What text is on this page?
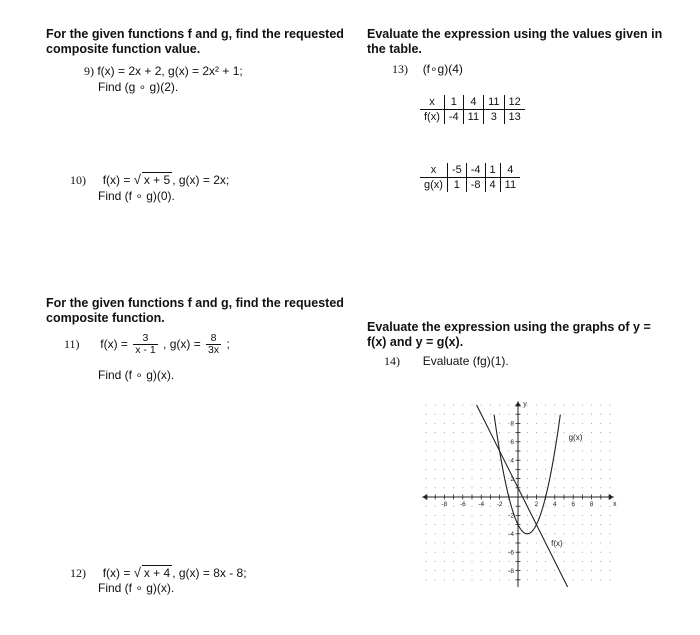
For the given functions f and g, find the requested
composite function value.
9) f(x) = 2x + 2, g(x) = 2x² + 1;
Find (g ∘ g)(2).
10) f(x) = √ x + 5 , g(x) = 2x;
Find (f ∘ g)(0).
For the given functions f and g, find the requested
composite function.
11) $f(x) = \frac{3}{x - 1}$ , $g(x) = \frac{8}{3x}$ ;
Find (f ∘ g)(x).
12) f(x) = √ x + 4 , g(x) = 8x - 8;
Find (f ∘ g)(x).
Evaluate the expression using the values given in
the table.
13) (f∘g)(4)
x	1	4	11	12
f(x)	-4	11	3	13
x	-5	-4	1	4
g(x)	1	-8	4	11
Evaluate the expression using the graphs of y =
f(x) and y = g(x).
14) Evaluate (fg)(1).
-8 -6 -4 -2	2 4 6 8
8
6
4
2
-2
-4
-6
-8
x
y
g(x)
f(x)
